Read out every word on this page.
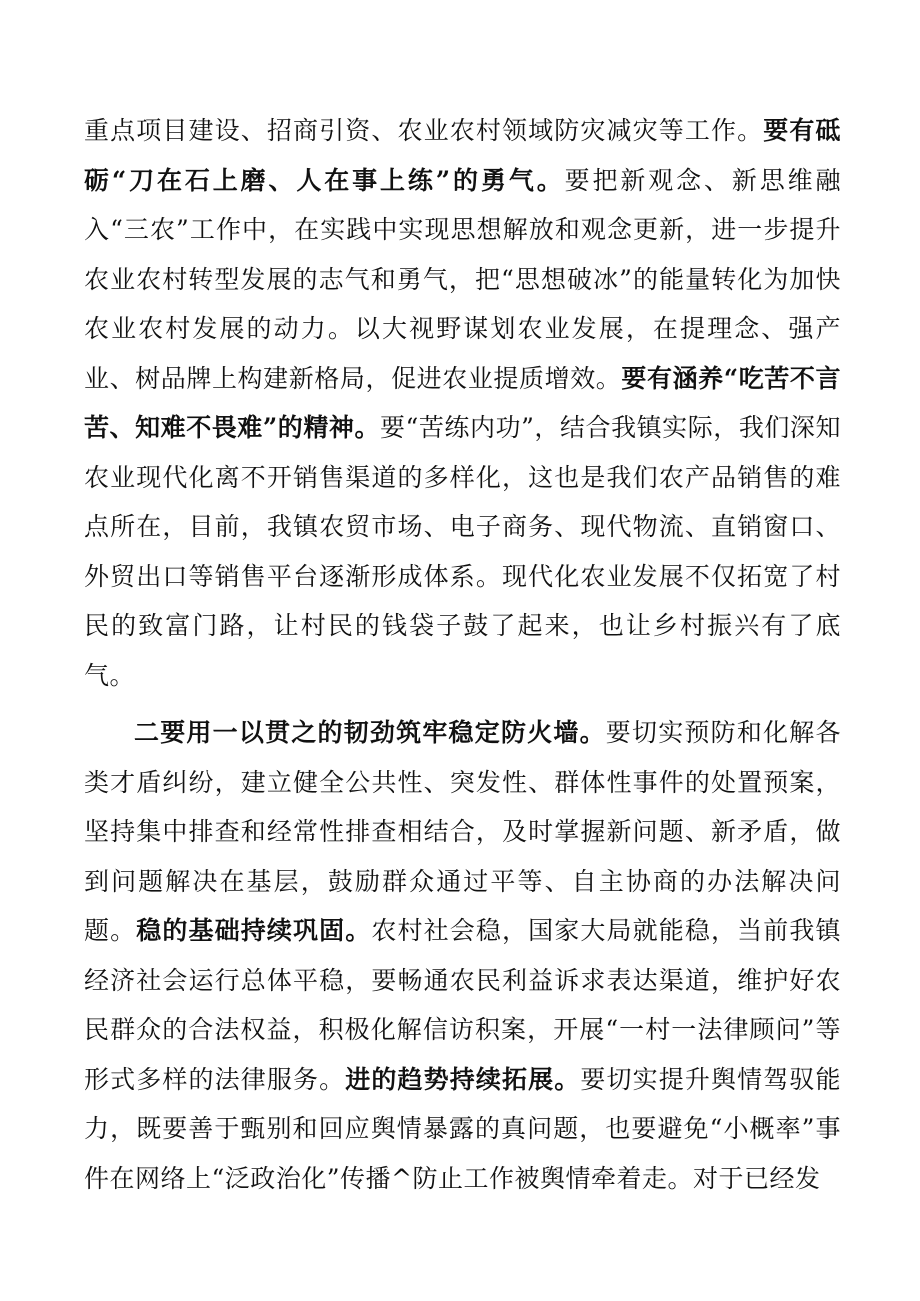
重点项目建设、招商引资、农业农村领域防灾减灾等工作。要有砥砺“刀在石上磨、人在事上练”的勇气。要把新观念、新思维融入“三农”工作中，在实践中实现思想解放和观念更新，进一步提升农业农村转型发展的志气和勇气，把“思想破冰”的能量转化为加快农业农村发展的动力。以大视野谋划农业发展，在提理念、强产业、树品牌上构建新格局，促进农业提质增效。要有涵养“吃苦不言苦、知难不畏难”的精神。要“苦练内功”，结合我镇实际，我们深知农业现代化离不开销售渠道的多样化，这也是我们农产品销售的难点所在，目前，我镇农贸市场、电子商务、现代物流、直销窗口、外贸出口等销售平台逐渐形成体系。现代化农业发展不仅拓宽了村民的致富门路，让村民的钱袋子鼓了起来，也让乡村振兴有了底气。

二要用一以贯之的韧劲筑牢稳定防火墙。要切实预防和化解各类才盾纠纷，建立健全公共性、突发性、群体性事件的处置预案，坚持集中排查和经常性排查相结合，及时掌握新问题、新矛盾，做到问题解决在基层，鼓励群众通过平等、自主协商的办法解决问题。稳的基础持续巩固。农村社会稳，国家大局就能稳，当前我镇经济社会运行总体平稳，要畅通农民利益诉求表达渠道，维护好农民群众的合法权益，积极化解信访积案，开展“一村一法律顾问”等形式多样的法律服务。进的趋势持续拓展。要切实提升舆情驾驭能力，既要善于甄别和回应舆情暴露的真问题，也要避免“小概率”事件在网络上“泛政治化”传播^防止工作被舆情牵着走。对于已经发
